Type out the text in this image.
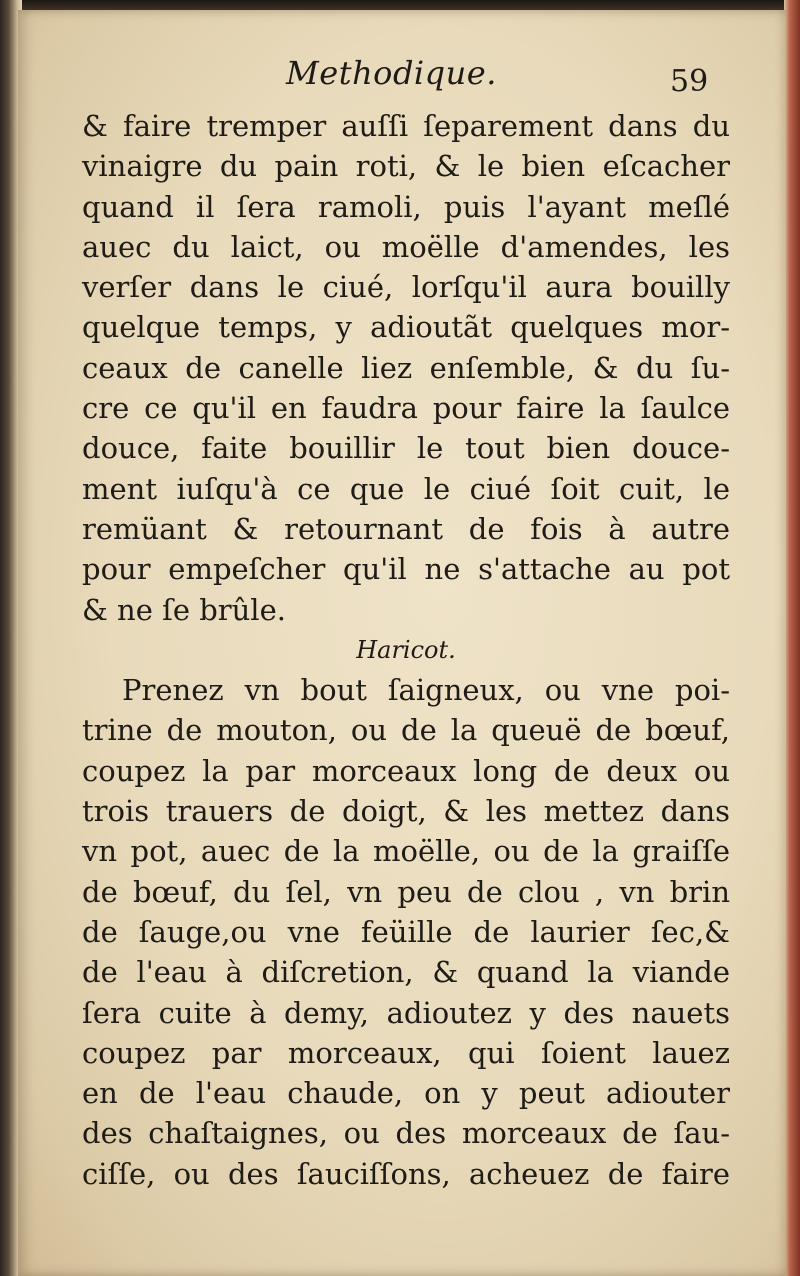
Methodique.	59
& faire tremper auſſi ſeparement dans du
vinaigre du pain roti, & le bien eſcacher
quand il ſera ramoli, puis l'ayant meſlé
auec du laict, ou moëlle d'amendes, les
verſer dans le ciué, lorſqu'il aura bouilly
quelque temps, y adioutãt quelques mor-
ceaux de canelle liez enſemble, & du ſu-
cre ce qu'il en faudra pour faire la ſaulce
douce, faite bouillir le tout bien douce-
ment iuſqu'à ce que le ciué ſoit cuit, le
remüant & retournant de fois à autre
pour empeſcher qu'il ne s'attache au pot
& ne ſe brûle.
Haricot.
Prenez vn bout ſaigneux, ou vne poi-
trine de mouton, ou de la queuë de bœuf,
coupez la par morceaux long de deux ou
trois trauers de doigt, & les mettez dans
vn pot, auec de la moëlle, ou de la graiſſe
de bœuf, du ſel, vn peu de clou , vn brin
de ſauge,ou vne feüille de laurier ſec,&
de l'eau à diſcretion, & quand la viande
ſera cuite à demy, adioutez y des nauets
coupez par morceaux, qui ſoient lauez
en de l'eau chaude, on y peut adiouter
des chaſtaignes, ou des morceaux de ſau-
ciſſe, ou des ſauciſſons, acheuez de faire
